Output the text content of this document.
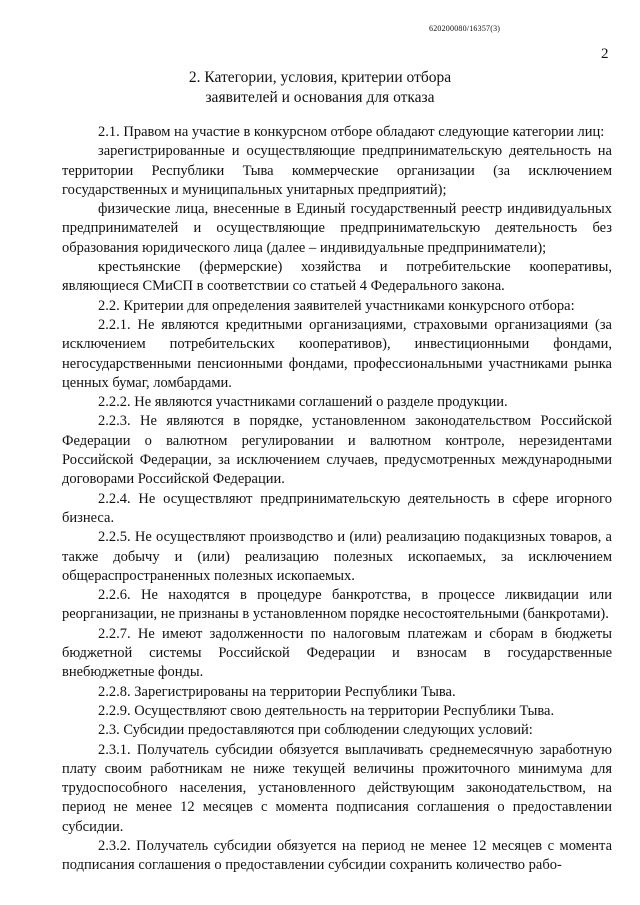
620200080/16357(3)
2
2. Категории, условия, критерии отбора
заявителей и основания для отказа

2.1. Правом на участие в конкурсном отборе обладают следующие категории лиц:

зарегистрированные и осуществляющие предпринимательскую деятельность на территории Республики Тыва коммерческие организации (за исключением государственных и муниципальных унитарных предприятий);

физические лица, внесенные в Единый государственный реестр индивидуальных предпринимателей и осуществляющие предпринимательскую деятельность без образования юридического лица (далее – индивидуальные предприниматели);

крестьянские (фермерские) хозяйства и потребительские кооперативы, являющиеся СМиСП в соответствии со статьей 4 Федерального закона.

2.2. Критерии для определения заявителей участниками конкурсного отбора:

2.2.1. Не являются кредитными организациями, страховыми организациями (за исключением потребительских кооперативов), инвестиционными фондами, негосударственными пенсионными фондами, профессиональными участниками рынка ценных бумаг, ломбардами.

2.2.2. Не являются участниками соглашений о разделе продукции.

2.2.3. Не являются в порядке, установленном законодательством Российской Федерации о валютном регулировании и валютном контроле, нерезидентами Российской Федерации, за исключением случаев, предусмотренных международными договорами Российской Федерации.

2.2.4. Не осуществляют предпринимательскую деятельность в сфере игорного бизнеса.

2.2.5. Не осуществляют производство и (или) реализацию подакцизных товаров, а также добычу и (или) реализацию полезных ископаемых, за исключением общераспространенных полезных ископаемых.

2.2.6. Не находятся в процедуре банкротства, в процессе ликвидации или реорганизации, не признаны в установленном порядке несостоятельными (банкротами).

2.2.7. Не имеют задолженности по налоговым платежам и сборам в бюджеты бюджетной системы Российской Федерации и взносам в государственные внебюджетные фонды.

2.2.8. Зарегистрированы на территории Республики Тыва.

2.2.9. Осуществляют свою деятельность на территории Республики Тыва.

2.3. Субсидии предоставляются при соблюдении следующих условий:

2.3.1. Получатель субсидии обязуется выплачивать среднемесячную заработную плату своим работникам не ниже текущей величины прожиточного минимума для трудоспособного населения, установленного действующим законодательством, на период не менее 12 месяцев с момента подписания соглашения о предоставлении субсидии.

2.3.2. Получатель субсидии обязуется на период не менее 12 месяцев с момента подписания соглашения о предоставлении субсидии сохранить количество рабо-
